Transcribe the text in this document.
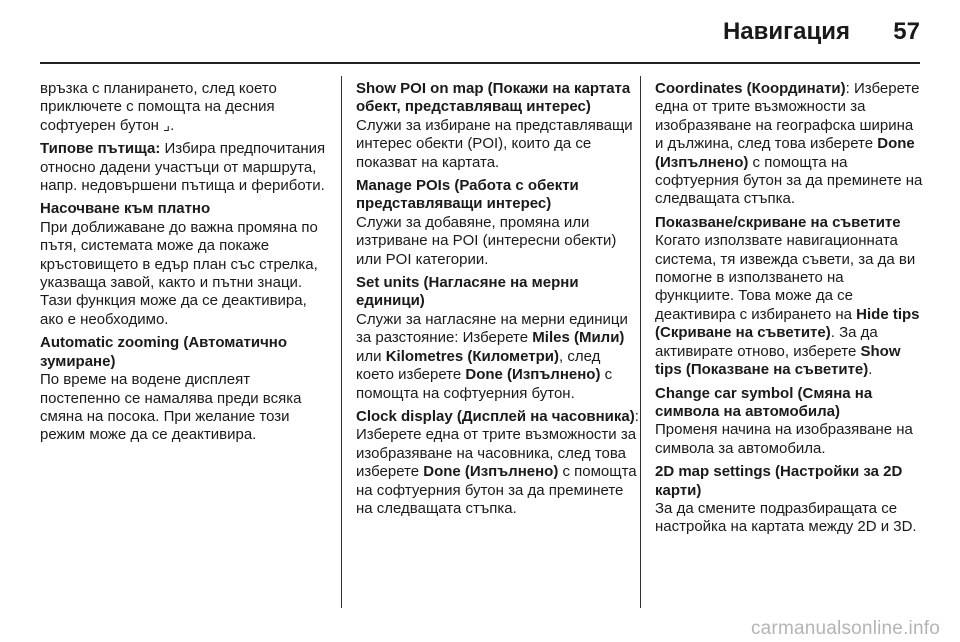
Навигация	57
връзка с планирането, след което приключете с помощта на десния софтуерен бутон ⌟.
Типове пътища: Избира предпочитания относно дадени участъци от маршрута, напр. недовършени пътища и фериботи.
Насочване към платно
При доближаване до важна промяна по пътя, системата може да покаже кръстовището в едър план със стрелка, указваща завой, както и пътни знаци. Тази функция може да се деактивира, ако е необходимо.
Automatic zooming (Автоматично зумиране)
По време на водене дисплеят постепенно се намалява преди всяка смяна на посока. При желание този режим може да се деактивира.
Show POI on map (Покажи на картата обект, представляващ интерес)
Служи за избиране на представляващи интерес обекти (POI), които да се показват на картата.
Manage POIs (Работа с обекти представляващи интерес)
Служи за добавяне, промяна или изтриване на POI (интересни обекти) или POI категории.
Set units (Нагласяне на мерни единици)
Служи за нагласяне на мерни единици за разстояние: Изберете Miles (Мили) или Kilometres (Километри), след което изберете Done (Изпълнено) с помощта на софтуерния бутон.
Clock display (Дисплей на часовника): Изберете една от трите възможности за изобразяване на часовника, след това изберете Done (Изпълнено) с помощта на софтуерния бутон за да преминете на следващата стъпка.
Coordinates (Координати): Изберете една от трите възможности за изобразяване на географска ширина и дължина, след това изберете Done (Изпълнено) с помощта на софтуерния бутон за да преминете на следващата стъпка.
Показване/скриване на съветите
Когато използвате навигационната система, тя извежда съвети, за да ви помогне в използването на функциите. Това може да се деактивира с избирането на Hide tips (Скриване на съветите). За да активирате отново, изберете Show tips (Показване на съветите).
Change car symbol (Смяна на символа на автомобила)
Променя начина на изобразяване на символа за автомобила.
2D map settings (Настройки за 2D карти)
За да смените подразбиращата се настройка на картата между 2D и 3D.
carmanualsonline.info
